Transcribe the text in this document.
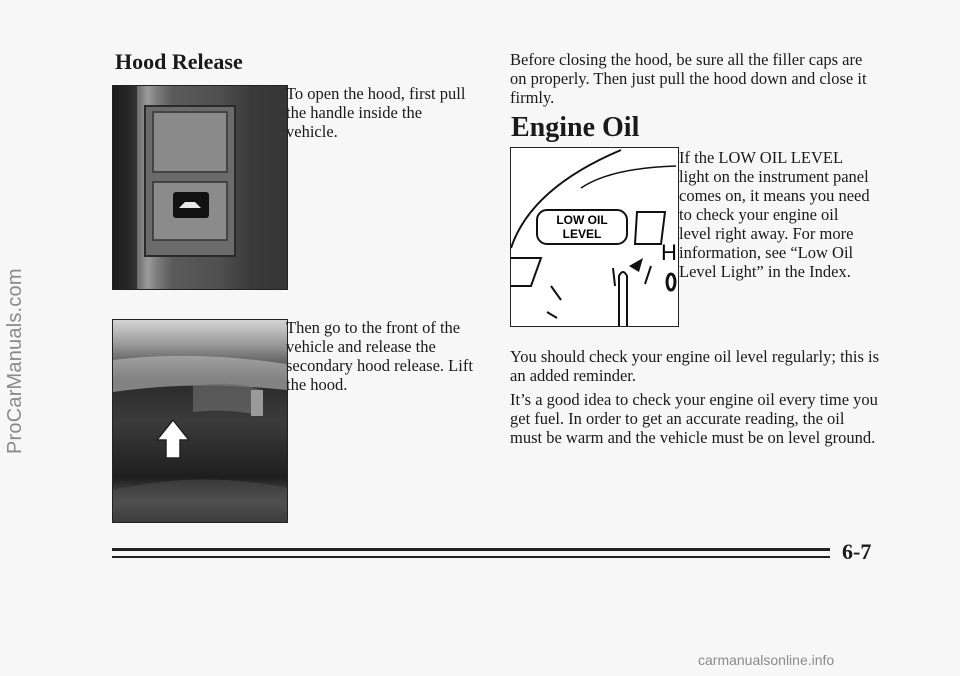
ProCarManuals.com
Hood Release

To open the hood, first pull the handle inside the vehicle.

Then go to the front of the vehicle and release the secondary hood release. Lift the hood.

Before closing the hood, be sure all the filler caps are on properly. Then just pull the hood down and close it firmly.

Engine Oil
LOW OIL
LEVEL
H

If the LOW OIL LEVEL light on the instrument panel comes on, it means you need to check your engine oil level right away. For more information, see “Low Oil Level Light” in the Index.

You should check your engine oil level regularly; this is an added reminder.

It’s a good idea to check your engine oil every time you get fuel. In order to get an accurate reading, the oil must be warm and the vehicle must be on level ground.

6-7
carmanualsonline.info
